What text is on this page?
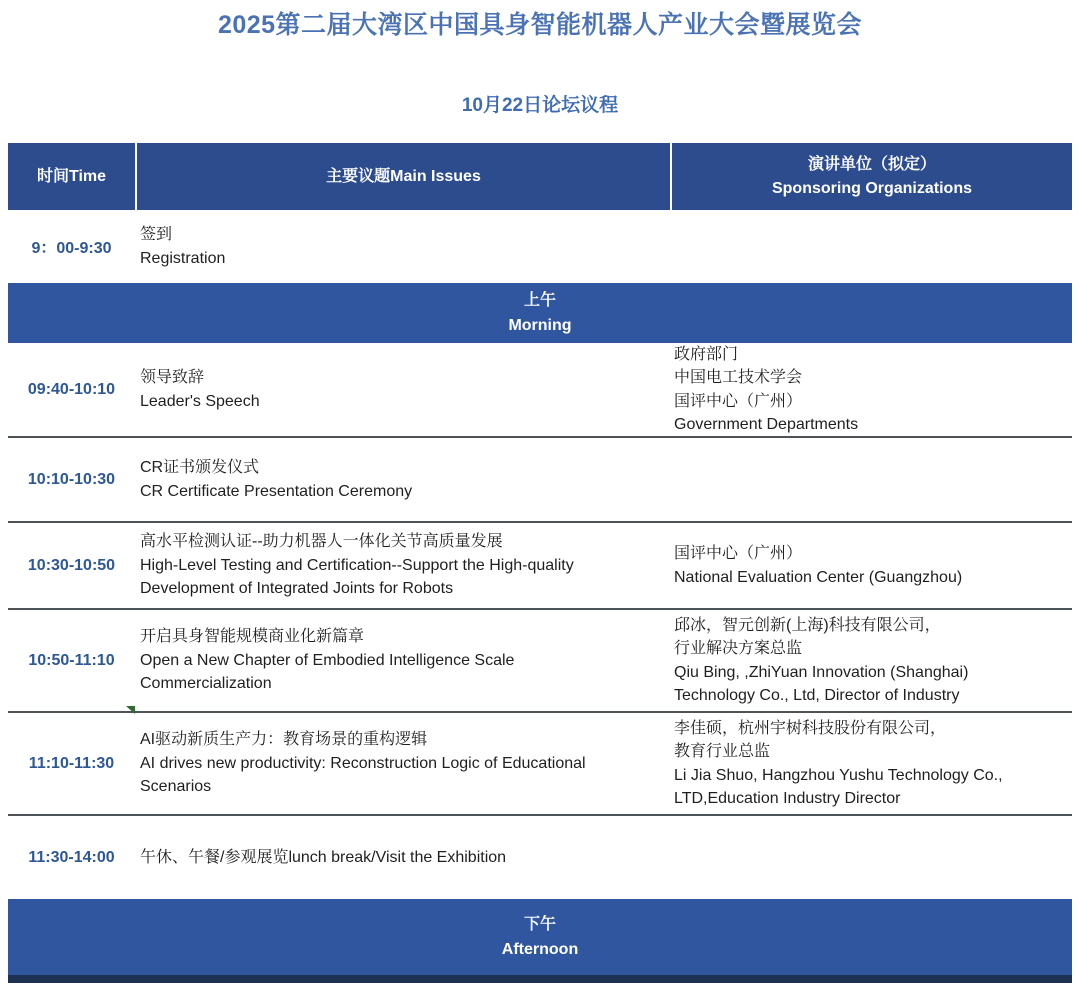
2025第二届大湾区中国具身智能机器人产业大会暨展览会
10月22日论坛议程
时间Time	主要议题Main Issues
演讲单位（拟定）
Sponsoring Organizations
9：00-9:30
签到
Registration
上午
Morning
09:40-10:10
领导致辞
Leader's Speech
政府部门
中国电工技术学会
国评中心（广州）
Government Departments
10:10-10:30
CR证书颁发仪式
CR Certificate Presentation Ceremony
10:30-10:50
高水平检测认证--助力机器人一体化关节高质量发展
High-Level Testing and Certification--Support the High-quality
Development of Integrated Joints for Robots
国评中心（广州）
National Evaluation Center (Guangzhou)
10:50-11:10
开启具身智能规模商业化新篇章
Open a New Chapter of Embodied Intelligence Scale
Commercialization
邱冰，智元创新(上海)科技有限公司，
行业解决方案总监
Qiu Bing, ,ZhiYuan Innovation (Shanghai)
Technology Co., Ltd, Director of Industry
11:10-11:30
AI驱动新质生产力：教育场景的重构逻辑
AI drives new productivity: Reconstruction Logic of Educational
Scenarios
李佳硕，杭州宇树科技股份有限公司，
教育行业总监
Li Jia Shuo, Hangzhou Yushu Technology Co.,
LTD,Education Industry Director
11:30-14:00	午休、午餐/参观展览lunch break/Visit the Exhibition
下午
Afternoon
